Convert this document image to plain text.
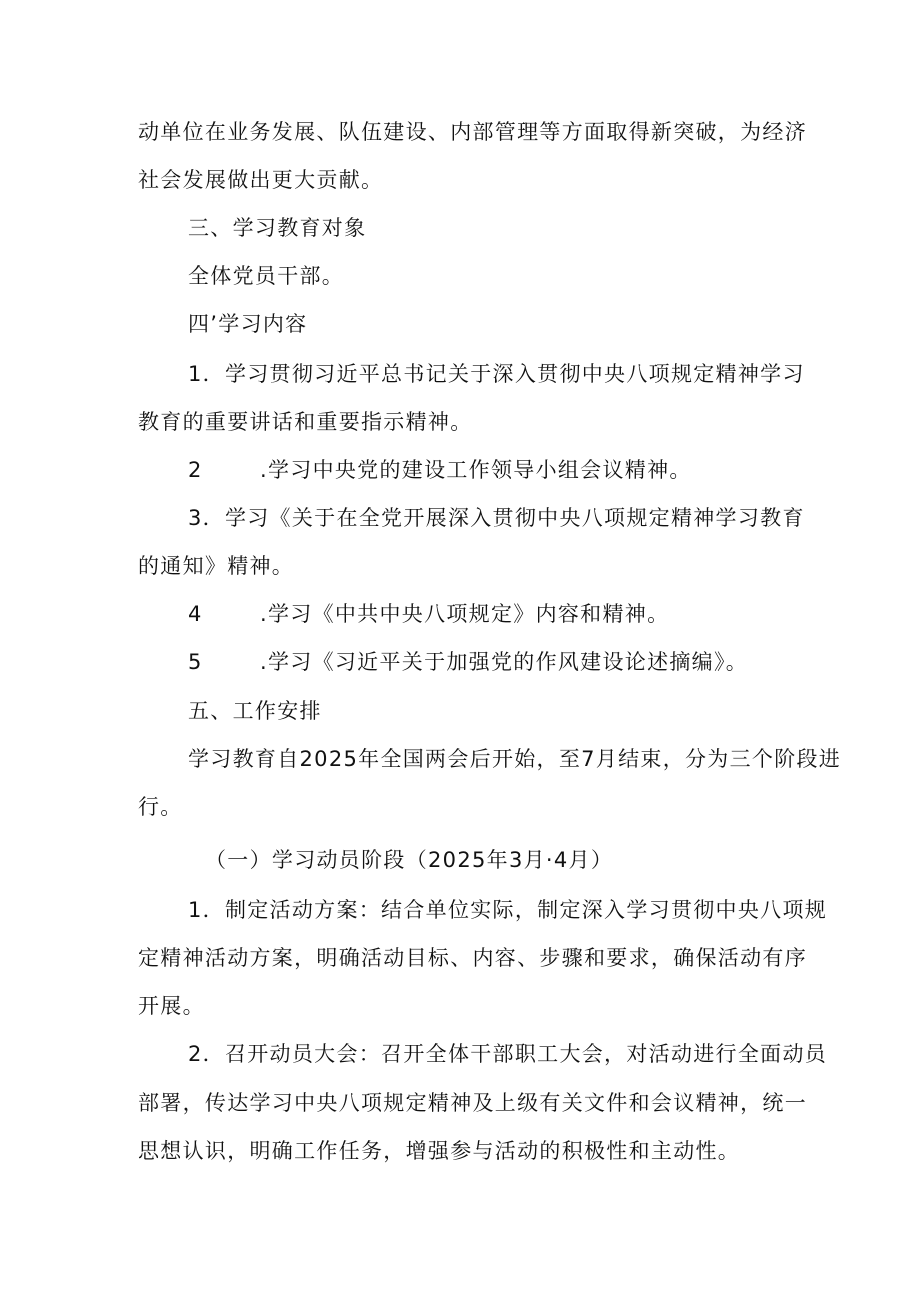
动单位在业务发展、队伍建设、内部管理等方面取得新突破，为经济
社会发展做出更大贡献。
三、学习教育对象
全体党员干部。
四’学习内容
1．学习贯彻习近平总书记关于深入贯彻中央八项规定精神学习
教育的重要讲话和重要指示精神。
2	.学习中央党的建设工作领导小组会议精神。
3．学习《关于在全党开展深入贯彻中央八项规定精神学习教育
的通知》精神。
4	.学习《中共中央八项规定》内容和精神。
5	.学习《习近平关于加强党的作风建设论述摘编》。
五、工作安排
学习教育自2025年全国两会后开始，至7月结束，分为三个阶段进
行。
（一）学习动员阶段（2025年3月·4月）
1．制定活动方案：结合单位实际，制定深入学习贯彻中央八项规
定精神活动方案，明确活动目标、内容、步骤和要求，确保活动有序
开展。
2．召开动员大会：召开全体干部职工大会，对活动进行全面动员
部署，传达学习中央八项规定精神及上级有关文件和会议精神，统一
思想认识，明确工作任务，增强参与活动的积极性和主动性。
